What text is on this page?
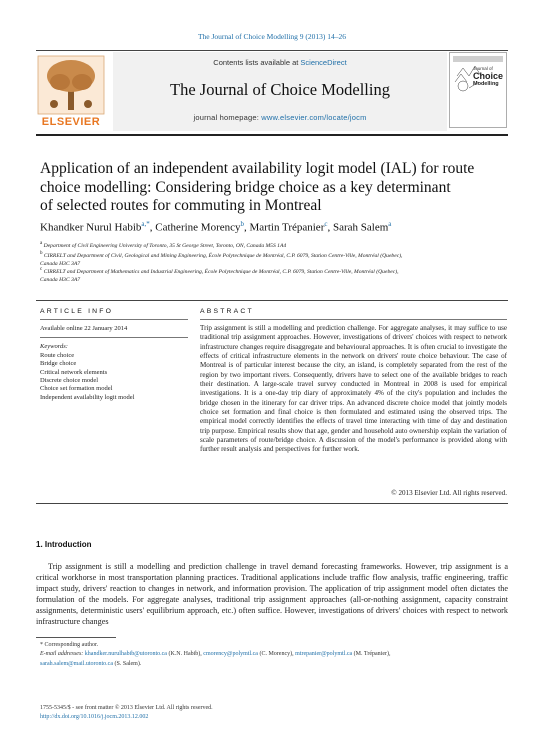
The Journal of Choice Modelling 9 (2013) 14–26
ELSEVIER
Contents lists available at ScienceDirect
The Journal of Choice Modelling
journal homepage: www.elsevier.com/locate/jocm
Journal of
Choice
Modelling
Application of an independent availability logit model (IAL) for route
choice modelling: Considering bridge choice as a key determinant
of selected routes for commuting in Montreal
Khandker Nurul Habib$^{a,*}$, Catherine Morency$^b$, Martin Trépanier$^c$, Sarah Salem$^a$
$^a$ Department of Civil Engineering University of Toronto, 35 St George Street, Toronto, ON, Canada M5S 1A4
$^b$ CIRRELT and Department of Civil, Geological and Mining Engineering, École Polytechnique de Montréal, C.P. 6079, Station Centre-Ville, Montréal (Quebec),
Canada H3C 3A7
$^c$ CIRRELT and Department of Mathematics and Industrial Engineering, École Polytechnique de Montréal, C.P. 6079, Station Centre-Ville, Montréal (Quebec),
Canada H3C 3A7
ARTICLE INFO	ABSTRACT
Available online 22 January 2014
Keywords:
Route choice
Bridge choice
Critical network elements
Discrete choice model
Choice set formation model
Independent availability logit model
Trip assignment is still a modelling and prediction challenge. For aggregate analyses, it may suffice to use traditional trip assignment approaches. However, investigations of drivers' choices with respect to network infrastructure changes require disaggregate and behavioural approaches. It is often crucial to investigate the effects of critical infrastructure elements in the network on drivers' route choice behaviour. The case of Montreal is of particular interest because the city, an island, is completely separated from the rest of the region by two important rivers. Consequently, drivers have to select one of the available bridges to reach their destination. A large-scale travel survey conducted in Montreal in 2008 is used for empirical investigations. It is a one-day trip diary of approximately 4% of the city's population and includes the bridge chosen in the itinerary for car driver trips. An advanced discrete choice model that jointly models choice set formation and final choice is then formulated and estimated using the observed trips. The empirical model correctly identifies the effects of travel time interacting with time of day and destination trip purpose. Empirical results show that age, gender and household auto ownership explain the variation of scale parameters of route/bridge choice. A discussion of the model's performance is provided along with further result analysis and perspectives for further work.
© 2013 Elsevier Ltd. All rights reserved.
1. Introduction
Trip assignment is still a modelling and prediction challenge in travel demand forecasting frameworks. However, trip assignment is a critical workhorse in most transportation planning practices. Traditional applications include traffic flow analysis, traffic engineering, traffic impact study, drivers' reaction to changes in network, and information provision. The application of trip assignment model often dictates the formulation of the models. For aggregate analyses, traditional trip assignment approaches (all-or-nothing assignment, capacity constraint assignments, deterministic users' equilibrium approach, etc.) often suffice. However, investigations of drivers' choices with respect to network infrastructure changes
* Corresponding author.
E-mail addresses: khandker.nurulhabib@utoronto.ca (K.N. Habib), cmorency@polymtl.ca (C. Morency), mtrepanier@polymtl.ca (M. Trépanier),
sarah.salem@mail.utoronto.ca (S. Salem).
1755-5345/$ - see front matter © 2013 Elsevier Ltd. All rights reserved.
http://dx.doi.org/10.1016/j.jocm.2013.12.002
